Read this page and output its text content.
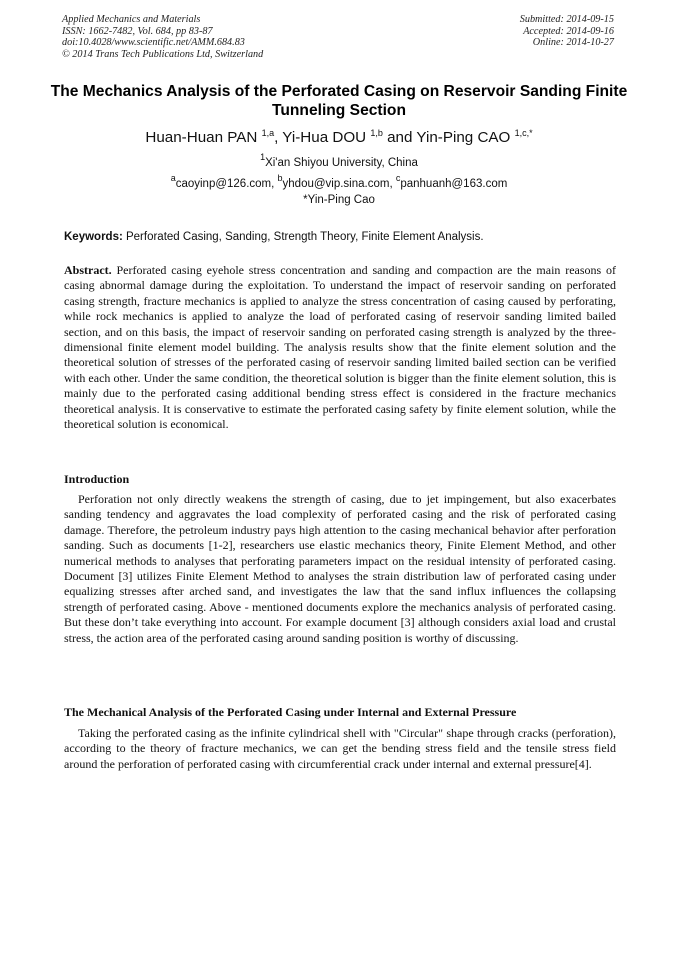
Applied Mechanics and Materials
ISSN: 1662-7482, Vol. 684, pp 83-87
doi:10.4028/www.scientific.net/AMM.684.83
© 2014 Trans Tech Publications Ltd, Switzerland
Submitted: 2014-09-15
Accepted: 2014-09-16
Online: 2014-10-27
The Mechanics Analysis of the Perforated Casing on Reservoir Sanding Finite Tunneling Section
Huan-Huan PAN $^{1,a}$, Yi-Hua DOU $^{1,b}$ and Yin-Ping CAO $^{1,c,*}$
$^1$Xi'an Shiyou University, China
$^a$caoyinp@126.com, $^b$yhdou@vip.sina.com, $^c$panhuanh@163.com
*Yin-Ping Cao
Keywords: Perforated Casing, Sanding, Strength Theory, Finite Element Analysis.
Abstract. Perforated casing eyehole stress concentration and sanding and compaction are the main reasons of casing abnormal damage during the exploitation. To understand the impact of reservoir sanding on perforated casing strength, fracture mechanics is applied to analyze the stress concentration of casing caused by perforating, while rock mechanics is applied to analyze the load of perforated casing of reservoir sanding limited bailed section, and on this basis, the impact of reservoir sanding on perforated casing strength is analyzed by the three-dimensional finite element model building. The analysis results show that the finite element solution and the theoretical solution of stresses of the perforated casing of reservoir sanding limited bailed section can be verified with each other. Under the same condition, the theoretical solution is bigger than the finite element solution, this is mainly due to the perforated casing additional bending stress effect is considered in the fracture mechanics theoretical analysis. It is conservative to estimate the perforated casing safety by finite element solution, while the theoretical solution is economical.
Introduction
Perforation not only directly weakens the strength of casing, due to jet impingement, but also exacerbates sanding tendency and aggravates the load complexity of perforated casing and the risk of perforated casing damage. Therefore, the petroleum industry pays high attention to the casing mechanical behavior after perforation sanding. Such as documents [1-2], researchers use elastic mechanics theory, Finite Element Method, and other numerical methods to analyses that perforating parameters impact on the residual intensity of perforated casing. Document [3] utilizes Finite Element Method to analyses the strain distribution law of perforated casing under equalizing stresses after arched sand, and investigates the law that the sand influx influences the collapsing strength of perforated casing. Above - mentioned documents explore the mechanics analysis of perforated casing. But these don’t take everything into account. For example document [3] although considers axial load and crustal stress, the action area of the perforated casing around sanding position is worthy of discussing.
The Mechanical Analysis of the Perforated Casing under Internal and External Pressure
Taking the perforated casing as the infinite cylindrical shell with "Circular" shape through cracks (perforation), according to the theory of fracture mechanics, we can get the bending stress field and the tensile stress field around the perforation of perforated casing with circumferential crack under internal and external pressure[4].
